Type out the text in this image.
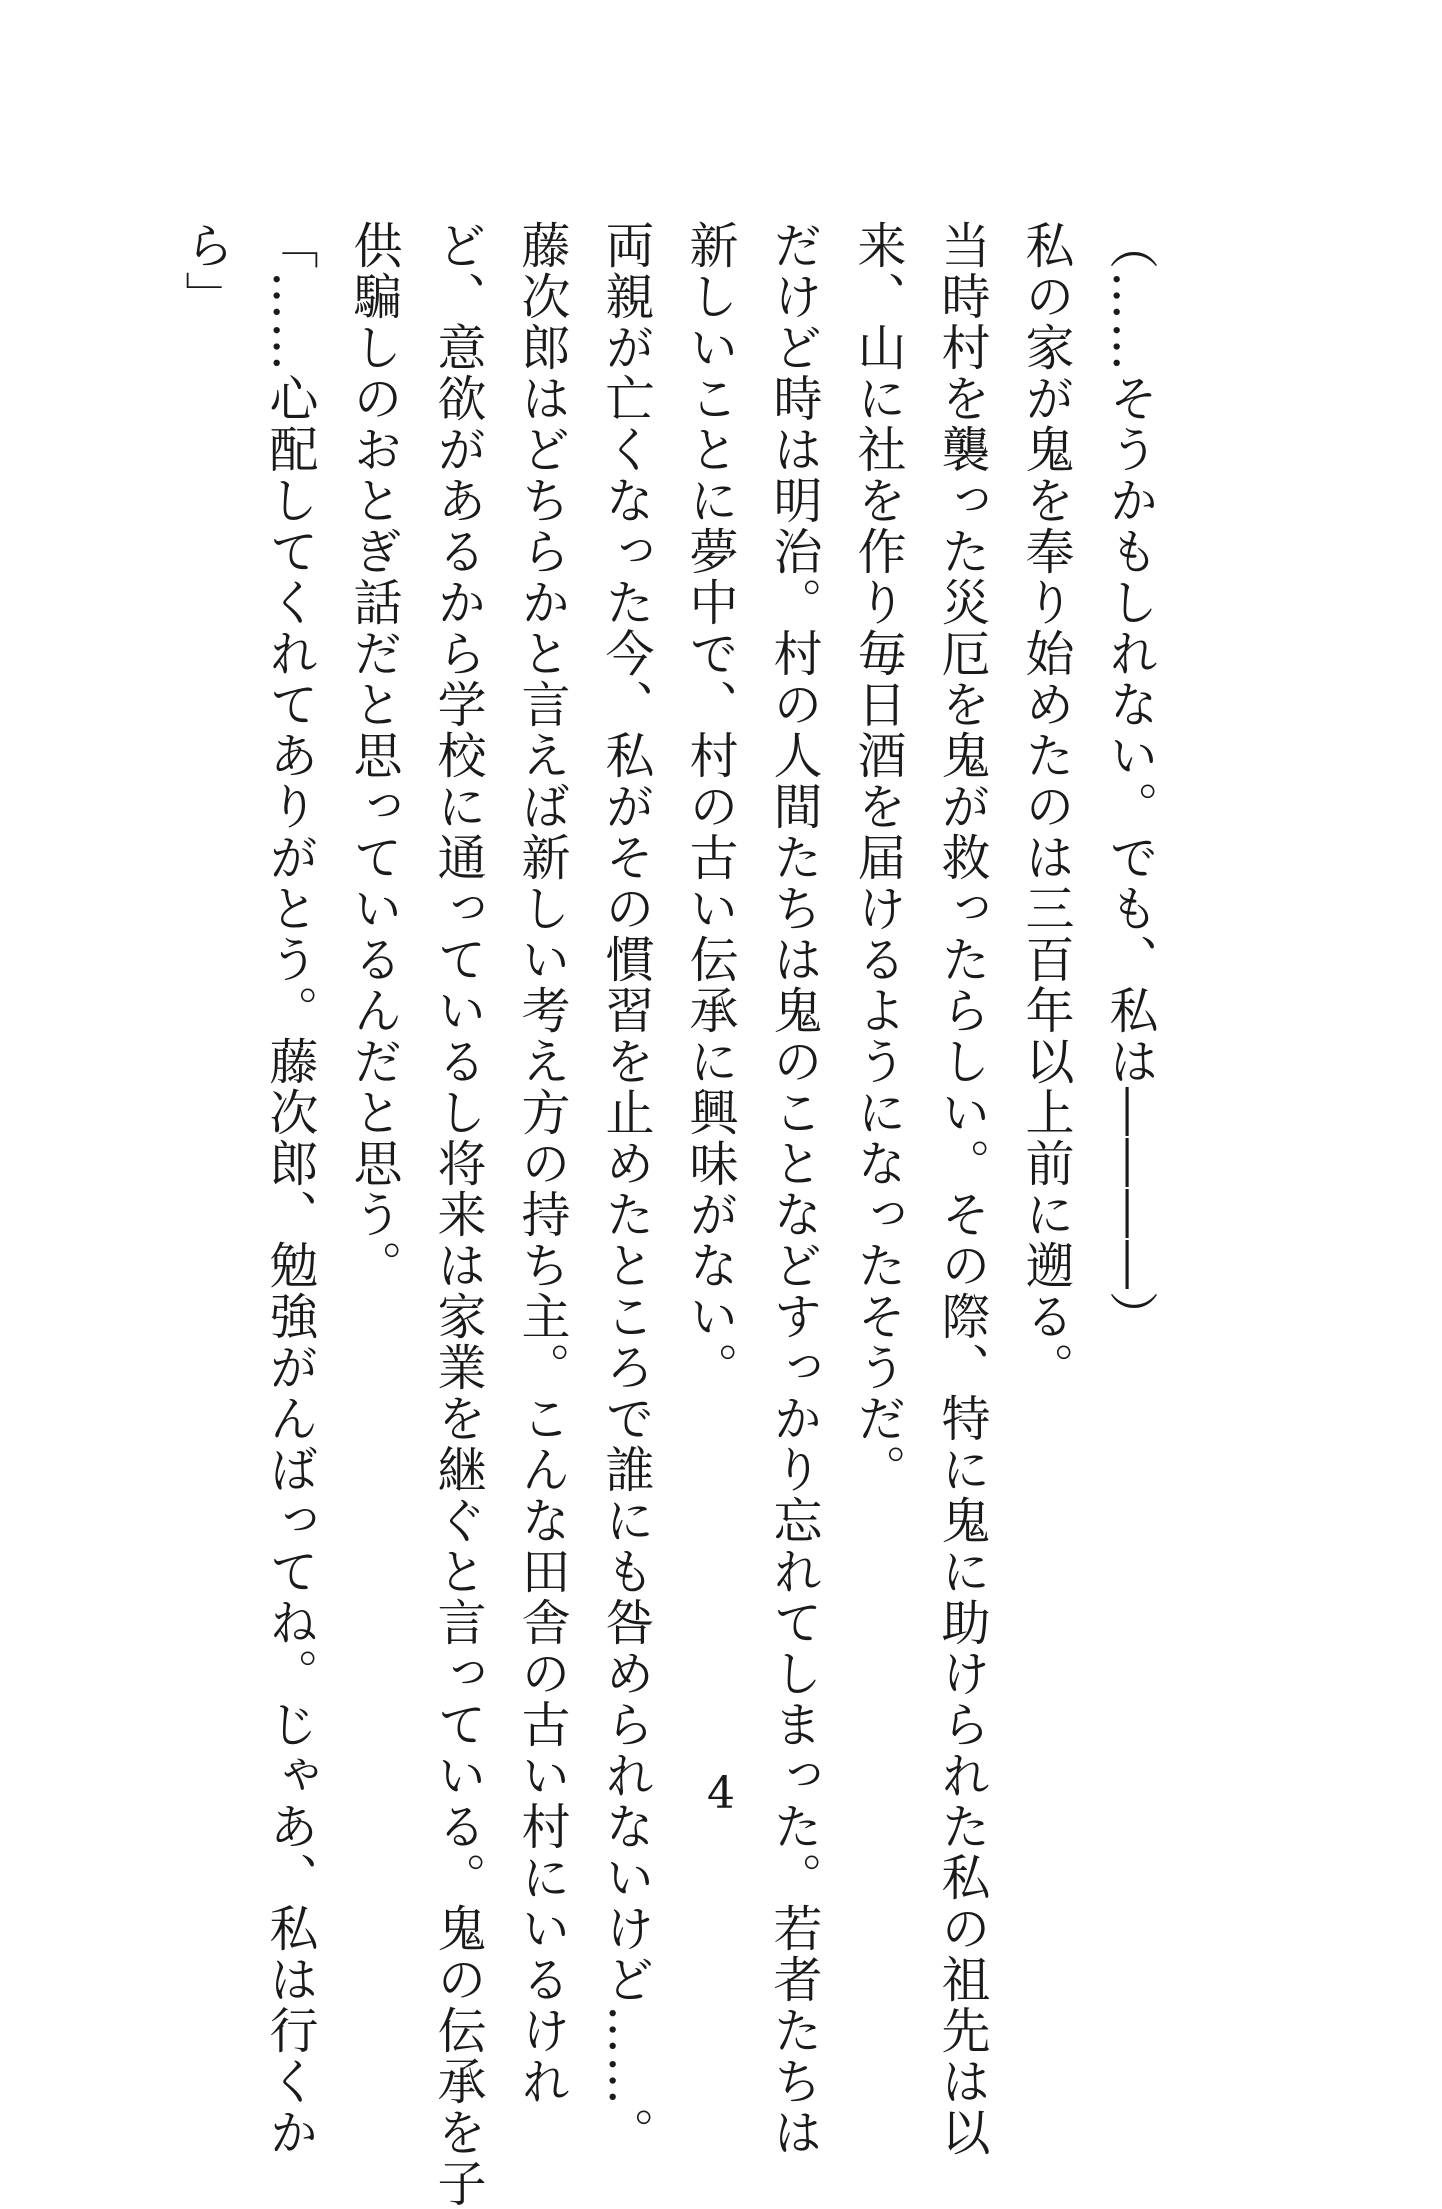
（……そうかもしれない。でも、私は――――）
私の家が鬼を奉り始めたのは三百年以上前に遡る。
当時村を襲った災厄を鬼が救ったらしい。その際、特に鬼に助けられた私の祖先は以
来、山に社を作り毎日酒を届けるようになったそうだ。
だけど時は明治。村の人間たちは鬼のことなどすっかり忘れてしまった。若者たちは
新しいことに夢中で、村の古い伝承に興味がない。
両親が亡くなった今、私がその慣習を止めたところで誰にも咎められないけど……。
藤次郎はどちらかと言えば新しい考え方の持ち主。こんな田舎の古い村にいるけれ
ど、意欲があるから学校に通っているし将来は家業を継ぐと言っている。鬼の伝承を子
供騙しのおとぎ話だと思っているんだと思う。
「……心配してくれてありがとう。藤次郎、勉強がんばってね。じゃあ、私は行くか
ら」
4
